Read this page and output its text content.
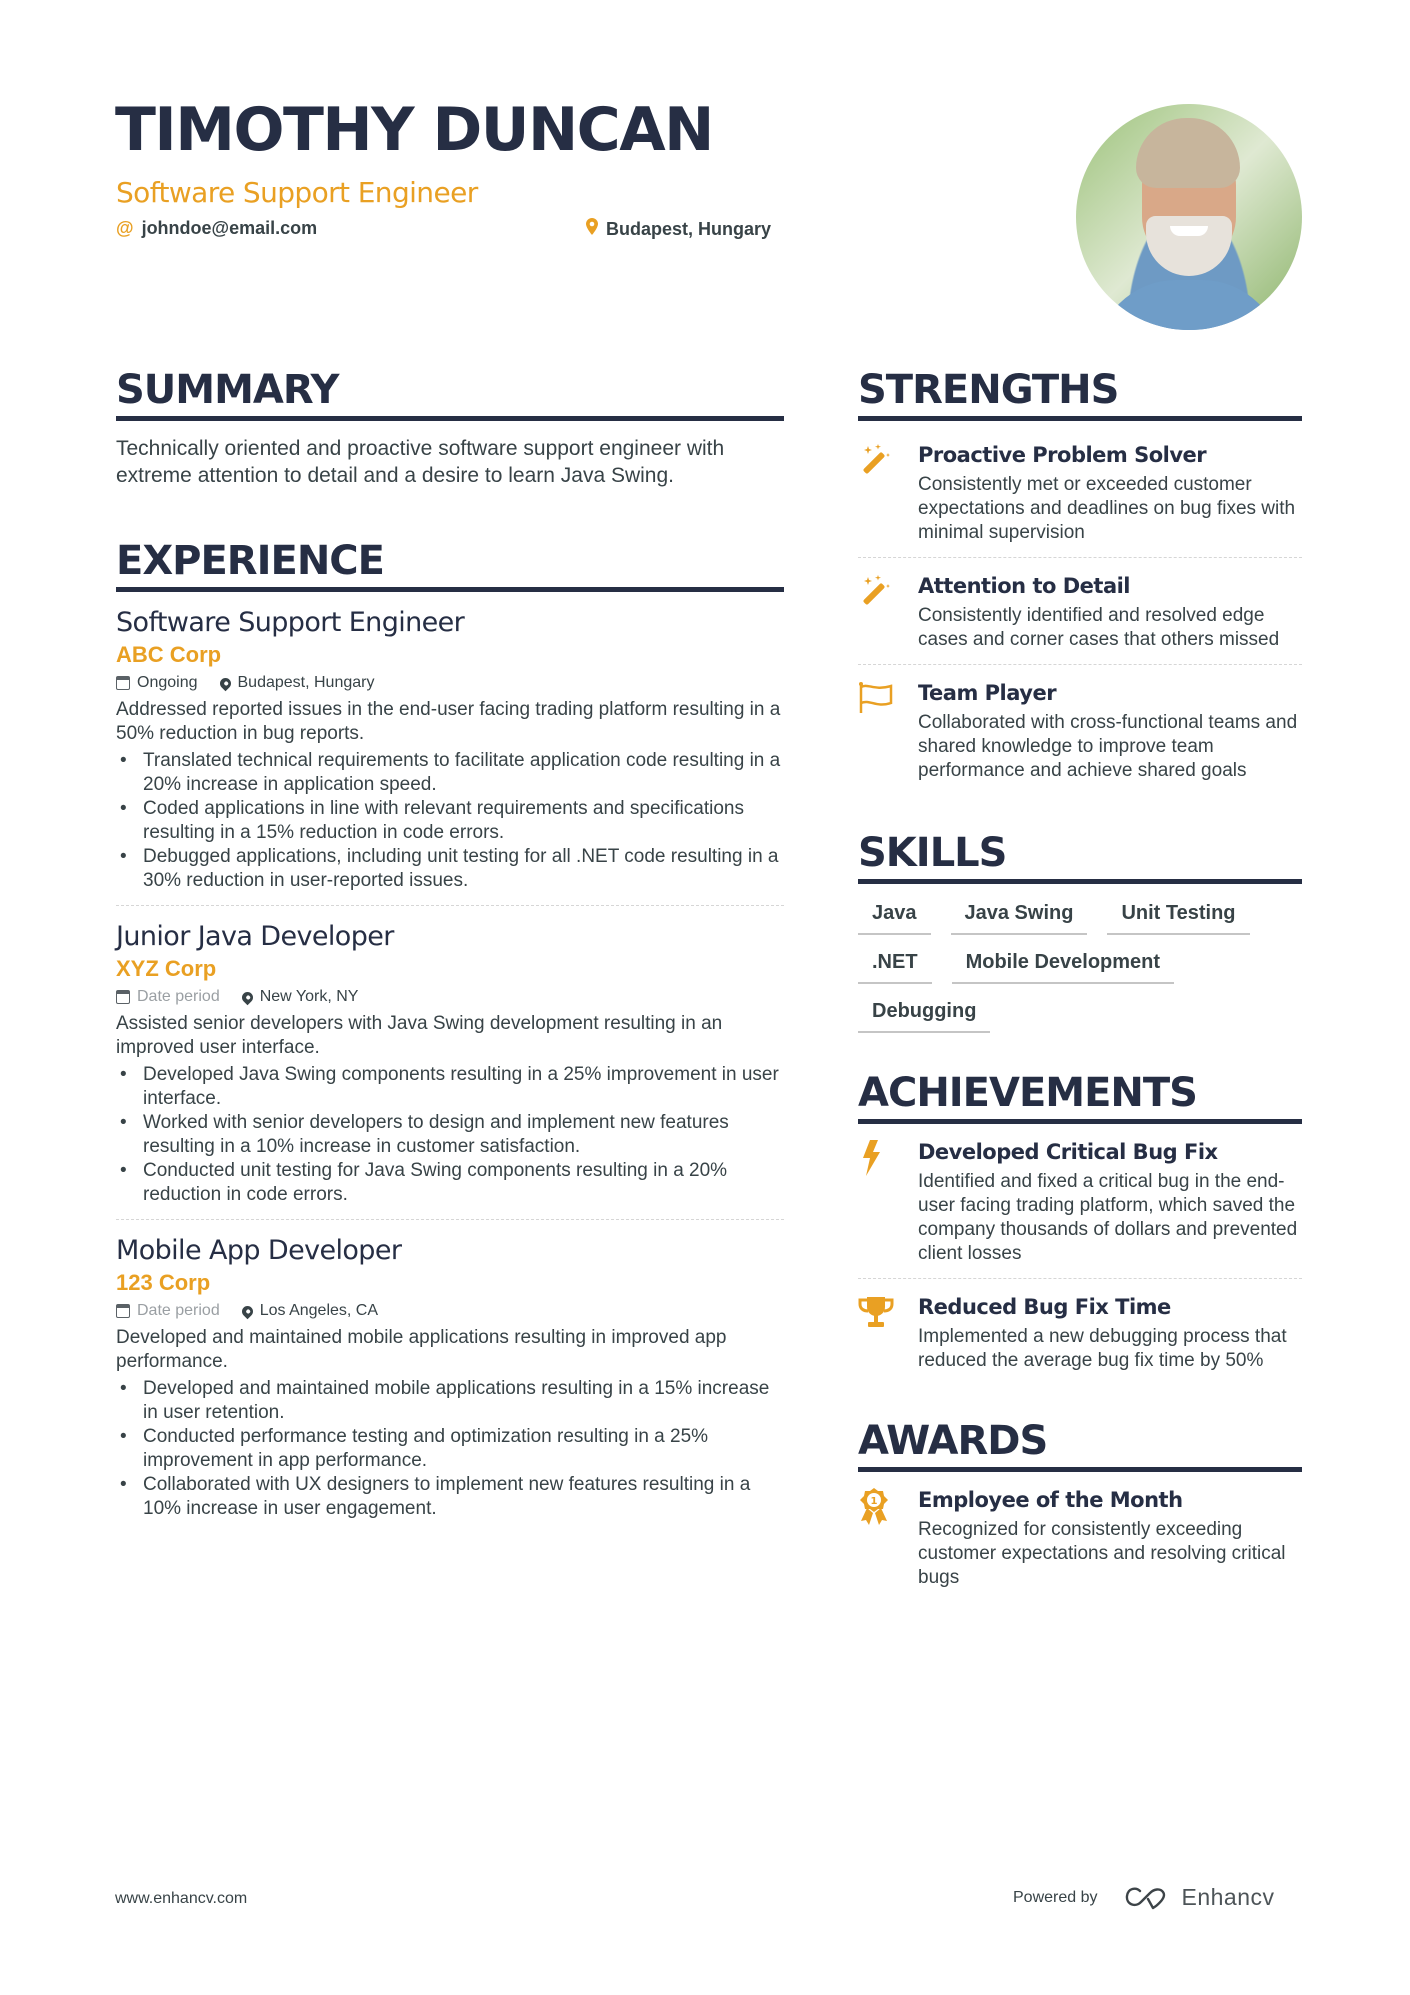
TIMOTHY DUNCAN
Software Support Engineer
@ johndoe@email.com	Budapest, Hungary
SUMMARY

Technically oriented and proactive software support engineer with extreme attention to detail and a desire to learn Java Swing.

EXPERIENCE
Software Support Engineer
ABC Corp
Ongoing	Budapest, Hungary

Addressed reported issues in the end-user facing trading platform resulting in a 50% reduction in bug reports.

• Translated technical requirements to facilitate application code resulting in a 20% increase in application speed.
• Coded applications in line with relevant requirements and specifications resulting in a 15% reduction in code errors.
• Debugged applications, including unit testing for all .NET code resulting in a 30% reduction in user-reported issues.
Junior Java Developer
XYZ Corp
Date period	New York, NY

Assisted senior developers with Java Swing development resulting in an improved user interface.

• Developed Java Swing components resulting in a 25% improvement in user interface.
• Worked with senior developers to design and implement new features resulting in a 10% increase in customer satisfaction.
• Conducted unit testing for Java Swing components resulting in a 20% reduction in code errors.
Mobile App Developer
123 Corp
Date period	Los Angeles, CA

Developed and maintained mobile applications resulting in improved app performance.

• Developed and maintained mobile applications resulting in a 15% increase in user retention.
• Conducted performance testing and optimization resulting in a 25% improvement in app performance.
• Collaborated with UX designers to implement new features resulting in a 10% increase in user engagement.
STRENGTHS
Proactive Problem Solver
Consistently met or exceeded customer expectations and deadlines on bug fixes with minimal supervision
Attention to Detail
Consistently identified and resolved edge cases and corner cases that others missed
Team Player
Collaborated with cross-functional teams and shared knowledge to improve team performance and achieve shared goals
SKILLS
Java	Java Swing	Unit Testing
.NET	Mobile Development
Debugging
ACHIEVEMENTS
Developed Critical Bug Fix
Identified and fixed a critical bug in the end-user facing trading platform, which saved the company thousands of dollars and prevented client losses
Reduced Bug Fix Time
Implemented a new debugging process that reduced the average bug fix time by 50%
AWARDS
1 Employee of the Month
Recognized for consistently exceeding customer expectations and resolving critical bugs
www.enhancv.com	Powered by	Enhancv
